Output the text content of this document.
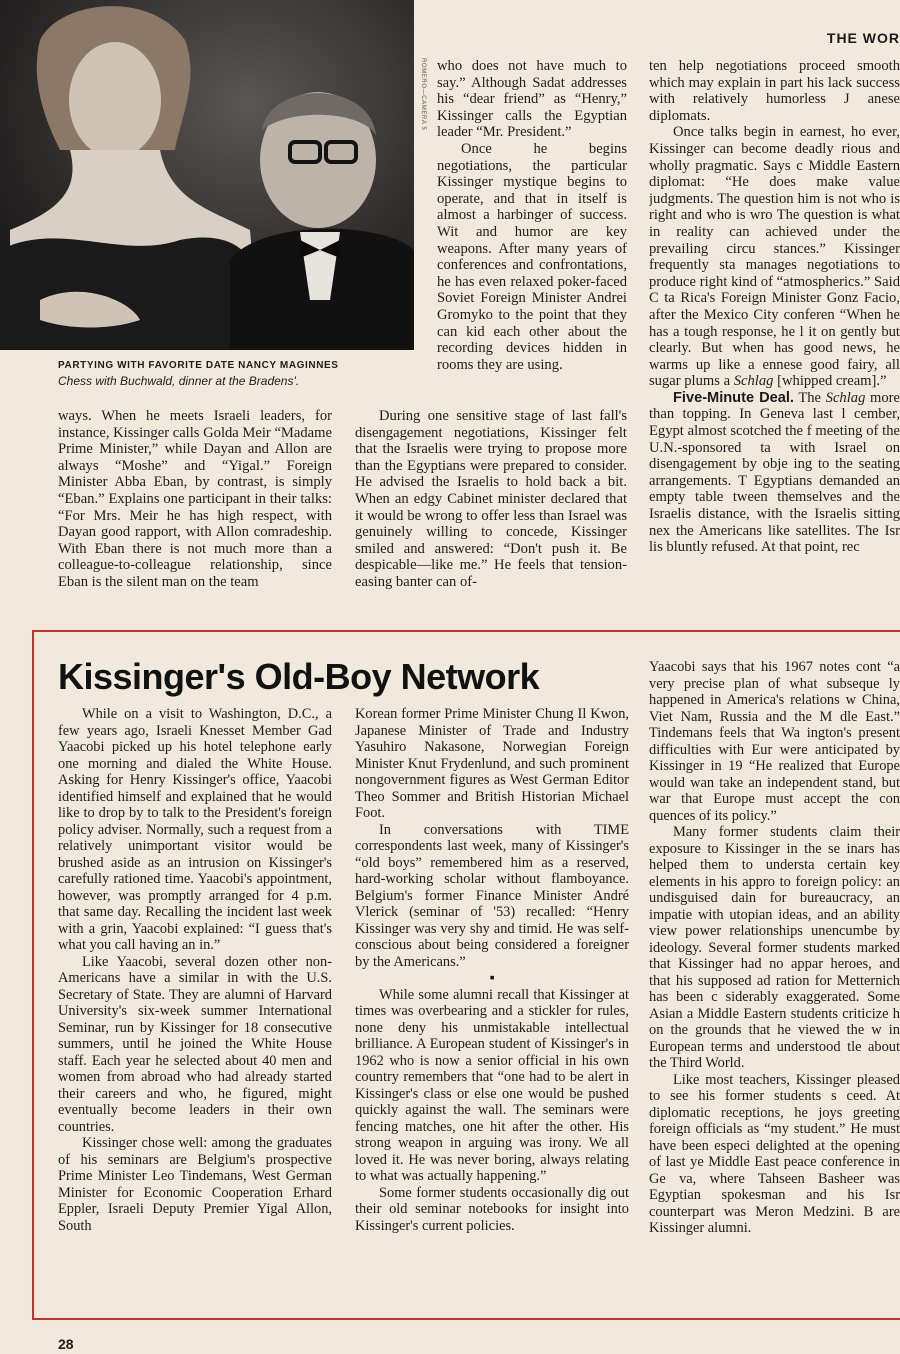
THE WOR
ROMERO—CAMERA 5
PARTYING WITH FAVORITE DATE NANCY MAGINNES
Chess with Buchwald, dinner at the Bradens'.

ways. When he meets Israeli leaders, for instance, Kissinger calls Golda Meir “Madame Prime Minister,” while Dayan and Allon are always “Moshe” and “Yigal.” Foreign Minister Abba Eban, by contrast, is simply “Eban.” Explains one participant in their talks: “For Mrs. Meir he has high respect, with Dayan good rapport, with Allon comradeship. With Eban there is not much more than a colleague-to-colleague relationship, since Eban is the silent man on the team

who does not have much to say.” Although Sadat addresses his “dear friend” as “Henry,” Kissinger calls the Egyptian leader “Mr. President.”

Once he begins negotiations, the particular Kissinger mystique begins to operate, and that in itself is almost a harbinger of success. Wit and humor are key weapons. After many years of conferences and confrontations, he has even relaxed poker-faced Soviet Foreign Minister Andrei Gromyko to the point that they can kid each other about the recording devices hidden in rooms they are using.

During one sensitive stage of last fall's disengagement negotiations, Kissinger felt that the Israelis were trying to propose more than the Egyptians were prepared to consider. He advised the Israelis to hold back a bit. When an edgy Cabinet minister declared that it would be wrong to offer less than Israel was genuinely willing to concede, Kissinger smiled and answered: “Don't push it. Be despicable—like me.” He feels that tension-easing banter can of-

ten help negotiations proceed smooth which may explain in part his lack success with relatively humorless J anese diplomats.

Once talks begin in earnest, ho ever, Kissinger can become deadly rious and wholly pragmatic. Says c Middle Eastern diplomat: “He does make value judgments. The question him is not who is right and who is wro The question is what in reality can achieved under the prevailing circu stances.” Kissinger frequently sta manages negotiations to produce right kind of “atmospherics.” Said C ta Rica's Foreign Minister Gonz Facio, after the Mexico City conferen “When he has a tough response, he l it on gently but clearly. But when has good news, he warms up like a ennese good fairy, all sugar plums a Schlag [whipped cream].”

Five-Minute Deal. The Schlag more than topping. In Geneva last l cember, Egypt almost scotched the f meeting of the U.N.-sponsored ta with Israel on disengagement by obje ing to the seating arrangements. T Egyptians demanded an empty table tween themselves and the Israelis distance, with the Israelis sitting nex the Americans like satellites. The Isr lis bluntly refused. At that point, rec

Kissinger's Old-Boy Network

While on a visit to Washington, D.C., a few years ago, Israeli Knesset Member Gad Yaacobi picked up his hotel telephone early one morning and dialed the White House. Asking for Henry Kissinger's office, Yaacobi identified himself and explained that he would like to drop by to talk to the President's foreign policy adviser. Normally, such a request from a relatively unimportant visitor would be brushed aside as an intrusion on Kissinger's carefully rationed time. Yaacobi's appointment, however, was promptly arranged for 4 p.m. that same day. Recalling the incident last week with a grin, Yaacobi explained: “I guess that's what you call having an in.”

Like Yaacobi, several dozen other non-Americans have a similar in with the U.S. Secretary of State. They are alumni of Harvard University's six-week summer International Seminar, run by Kissinger for 18 consecutive summers, until he joined the White House staff. Each year he selected about 40 men and women from abroad who had already started their careers and who, he figured, might eventually become leaders in their own countries.

Kissinger chose well: among the graduates of his seminars are Belgium's prospective Prime Minister Leo Tindemans, West German Minister for Economic Cooperation Erhard Eppler, Israeli Deputy Premier Yigal Allon, South

Korean former Prime Minister Chung Il Kwon, Japanese Minister of Trade and Industry Yasuhiro Nakasone, Norwegian Foreign Minister Knut Frydenlund, and such prominent nongovernment figures as West German Editor Theo Sommer and British Historian Michael Foot.

In conversations with TIME correspondents last week, many of Kissinger's “old boys” remembered him as a reserved, hard-working scholar without flamboyance. Belgium's former Finance Minister André Vlerick (seminar of '53) recalled: “Henry Kissinger was very shy and timid. He was self-conscious about being considered a foreigner by the Americans.”

▪

While some alumni recall that Kissinger at times was overbearing and a stickler for rules, none deny his unmistakable intellectual brilliance. A European student of Kissinger's in 1962 who is now a senior official in his own country remembers that “one had to be alert in Kissinger's class or else one would be pushed quickly against the wall. The seminars were fencing matches, one hit after the other. His strong weapon in arguing was irony. We all loved it. He was never boring, always relating to what was actually happening.”

Some former students occasionally dig out their old seminar notebooks for insight into Kissinger's current policies.

Yaacobi says that his 1967 notes cont “a very precise plan of what subseque ly happened in America's relations w China, Viet Nam, Russia and the M dle East.” Tindemans feels that Wa ington's present difficulties with Eur were anticipated by Kissinger in 19 “He realized that Europe would wan take an independent stand, but war that Europe must accept the con quences of its policy.”

Many former students claim their exposure to Kissinger in the se inars has helped them to understa certain key elements in his appro to foreign policy: an undisguised dain for bureaucracy, an impatie with utopian ideas, and an ability view power relationships unencumbe by ideology. Several former students marked that Kissinger had no appar heroes, and that his supposed ad ration for Metternich has been c siderably exaggerated. Some Asian a Middle Eastern students criticize h on the grounds that he viewed the w in European terms and understood tle about the Third World.

Like most teachers, Kissinger pleased to see his former students s ceed. At diplomatic receptions, he joys greeting foreign officials as “my student.” He must have been especi delighted at the opening of last ye Middle East peace conference in Ge va, where Tahseen Basheer was Egyptian spokesman and his Isr counterpart was Meron Medzini. B are Kissinger alumni.

28
